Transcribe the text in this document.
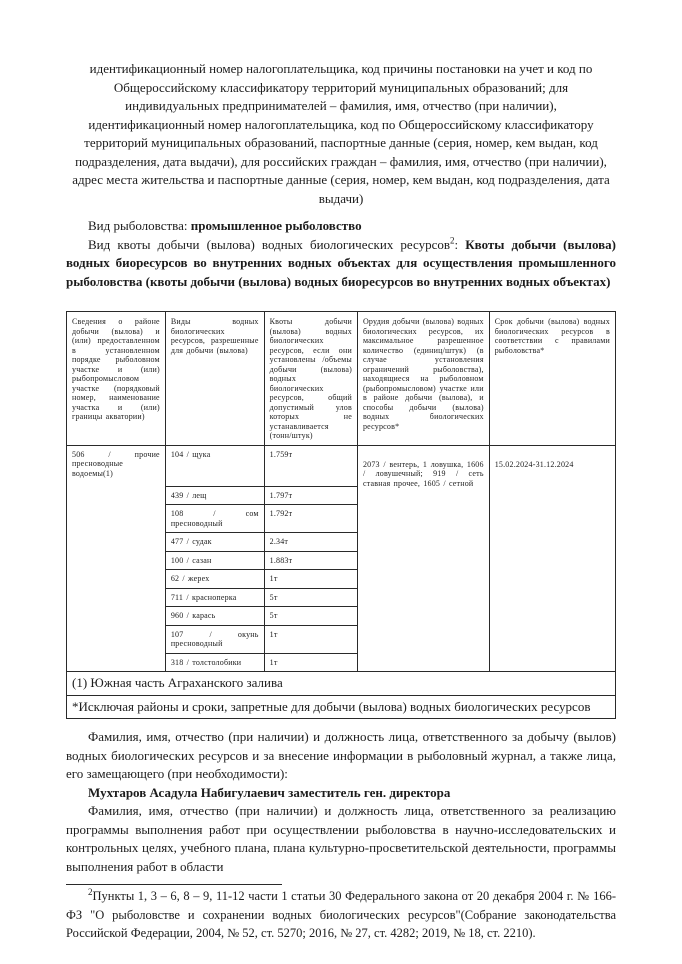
идентификационный номер налогоплательщика, код причины постановки на учет и код по Общероссийскому классификатору территорий муниципальных образований; для индивидуальных предпринимателей – фамилия, имя, отчество (при наличии), идентификационный номер налогоплательщика, код по Общероссийскому классификатору территорий муниципальных образований, паспортные данные (серия, номер, кем выдан, код подразделения, дата выдачи), для российских граждан – фамилия, имя, отчество (при наличии), адрес места жительства и паспортные данные (серия, номер, кем выдан, код подразделения, дата выдачи)

Вид рыболовства: промышленное рыболовство

Вид квоты добычи (вылова) водных биологических ресурсов$^2$: Квоты добычи (вылова) водных биоресурсов во внутренних водных объектах для осуществления промышленного рыболовства (квоты добычи (вылова) водных биоресурсов во внутренних водных объектах)

Сведения о районе добычи (вылова) и (или) предоставленном в установленном порядке рыболовном участке и (или) рыбопромысловом участке (порядковый номер, наименование участка и (или) границы акватории)	Виды водных биологических ресурсов, разрешенные для добычи (вылова)	Квоты добычи (вылова) водных биологических ресурсов, если они установлены /объемы добычи (вылова) водных биологических ресурсов, общий допустимый улов которых не устанавливается (тонн/штук)	Орудия добычи (вылова) водных биологических ресурсов, их максимальное разрешенное количество (единиц/штук) (в случае установления ограничений рыболовства), находящиеся на рыболовном (рыбопромысловом) участке или в районе добычи (вылова), и способы добычи (вылова) водных биологических ресурсов*	Срок добычи (вылова) водных биологических ресурсов в соответствии с правилами рыболовства*
506 / прочие пресноводные водоемы(1)	104 / щука	1.759т	2073 / вентерь, 1 ловушка, 1606 / ловушечный; 919 / сеть ставная прочее, 1605 / сетной	15.02.2024-31.12.2024
	439 / лещ	1.797т		
	108 / сом пресноводный	1.792т		
	477 / судак	2.34т		
	100 / сазан	1.883т		
	62 / жерех	1т		
	711 / красноперка	5т		
	960 / карась	5т		
	107 / окунь пресноводный	1т		
	318 / толстолобики	1т		
(1) Южная часть Аграханского залива				
*Исключая районы и сроки, запретные для добычи (вылова) водных биологических ресурсов				

Фамилия, имя, отчество (при наличии) и должность лица, ответственного за добычу (вылов) водных биологических ресурсов и за внесение информации в рыболовный журнал, а также лица, его замещающего (при необходимости):

Мухтаров Асадула Набигулаевич заместитель ген. директора

Фамилия, имя, отчество (при наличии) и должность лица, ответственного за реализацию программы выполнения работ при осуществлении рыболовства в научно-исследовательских и контрольных целях, учебного плана, плана культурно-просветительской деятельности, программы выполнения работ в области

$^2$Пункты 1, 3 – 6, 8 – 9, 11-12 части 1 статьи 30 Федерального закона от 20 декабря 2004 г. № 166-ФЗ "О рыболовстве и сохранении водных биологических ресурсов"(Собрание законодательства Российской Федерации, 2004, № 52, ст. 5270; 2016, № 27, ст. 4282; 2019, № 18, ст. 2210).
